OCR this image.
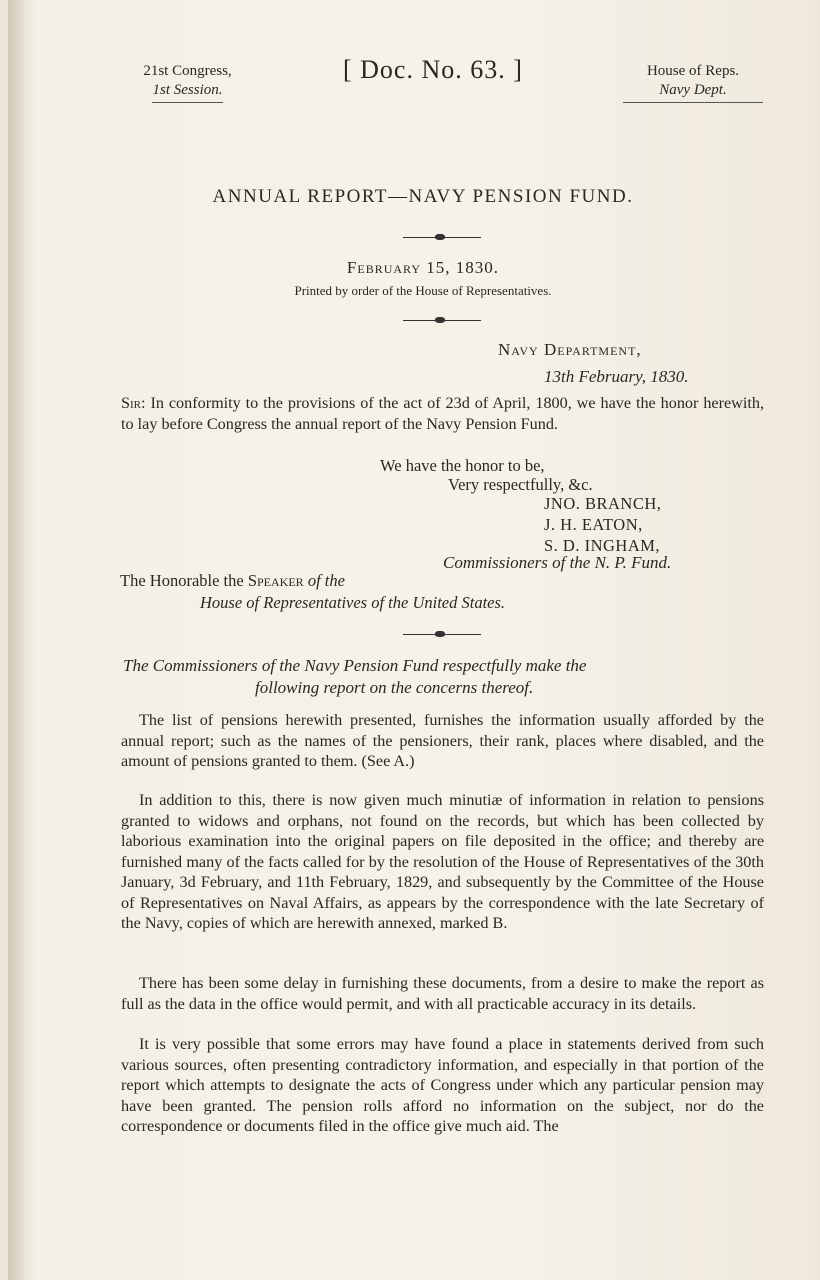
21st Congress,
1st Session.
[ Doc. No. 63. ]	House of Reps.
Navy Dept.
ANNUAL REPORT—NAVY PENSION FUND.
February 15, 1830.
Printed by order of the House of Representatives.
Navy Department,
13th February, 1830.
Sir: In conformity to the provisions of the act of 23d of April, 1800, we have the honor herewith, to lay before Congress the annual report of the Navy Pension Fund.
We have the honor to be,
Very respectfully, &c.
JNO. BRANCH,
J. H. EATON,
S. D. INGHAM,
Commissioners of the N. P. Fund.
The Honorable the Speaker of the
House of Representatives of the United States.
The Commissioners of the Navy Pension Fund respectfully make the
following report on the concerns thereof.
The list of pensions herewith presented, furnishes the information usually afforded by the annual report; such as the names of the pensioners, their rank, places where disabled, and the amount of pensions granted to them. (See A.)
In addition to this, there is now given much minutiæ of information in relation to pensions granted to widows and orphans, not found on the records, but which has been collected by laborious examination into the original papers on file deposited in the office; and thereby are furnished many of the facts called for by the resolution of the House of Representatives of the 30th January, 3d February, and 11th February, 1829, and subsequently by the Committee of the House of Representatives on Naval Affairs, as appears by the correspondence with the late Secretary of the Navy, copies of which are herewith annexed, marked B.
There has been some delay in furnishing these documents, from a desire to make the report as full as the data in the office would permit, and with all practicable accuracy in its details.
It is very possible that some errors may have found a place in statements derived from such various sources, often presenting contradictory information, and especially in that portion of the report which attempts to designate the acts of Congress under which any particular pension may have been granted. The pension rolls afford no information on the subject, nor do the correspondence or documents filed in the office give much aid. The
